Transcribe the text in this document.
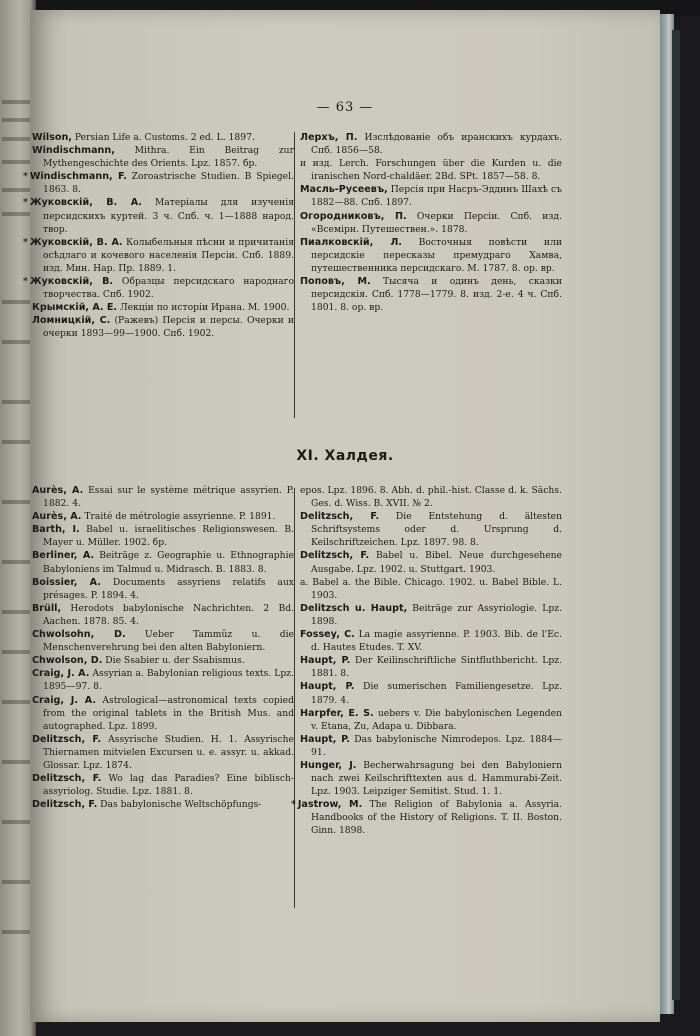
— 63 —
Wilson, Persian Life a. Customs. 2 ed. L. 1897.
Windischmann, Mithra. Ein Beitrag zur Mythengeschichte des Orients. Lpz. 1857. бр.
* Windischmann, F. Zoroastrische Studien. B Spiegel. 1863. 8.
* Жуковскій, В. А. Матеріалы для изученія персидскихъ куртей. 3 ч. Спб. ч. 1—1888 народ. твор.
* Жуковскій, В. А. Колыбельныя пѣсни и причитанія осѣдлаго и кочевого населенія Персіи. Спб. 1889. изд. Мин. Нар. Пр. 1889. 1.
* Жуковскій, В. Образцы персидскаго народнаго творчества. Спб. 1902.
Крымскій, А. Е. Лекціи по исторіи Ирана. М. 1900.
Ломницкій, С. (Ражевъ) Персія и персы. Очерки и очерки 1893—99—1900. Спб. 1902.
Лерхъ, П. Изслѣдованіе объ иранскихъ курдахъ. Спб. 1856—58.
и изд. Lerch. Forschungen über die Kurden u. die iranischen Nord-chaldäer. 2Bd. SPt. 1857—58. 8.
Масль-Русеевъ, Персія при Насръ-Эддинъ Шахѣ съ 1882—88. Спб. 1897.
Огородниковъ, П. Очерки Персіи. Спб. изд. «Всемірн. Путешествен.». 1878.
Пиалковскій, Л. Восточныя повѣсти или персидскіе пересказы премудраго Хамва, путешественника персидскаго. М. 1787. 8. ор. вр.
Поповъ, М. Тысяча и одинъ день, сказки персидскія. Спб. 1778—1779. 8. изд. 2-е. 4 ч. Спб. 1801. 8. ор. вр.
XI. Халдея.
Aurès, A. Essai sur le système métrique assyrien. P. 1882. 4.
Aurès, A. Traité de métrologie assyrienne. P. 1891.
Barth, I. Babel u. israelitisches Religionswesen. B. Mayer u. Müller. 1902. бр.
Berliner, A. Beiträge z. Geographie u. Ethnographie Babyloniens im Talmud u. Midrasch. B. 1883. 8.
Boissier, A. Documents assyriens relatifs aux présages. P. 1894. 4.
Brüll, Herodots babylonische Nachrichten. 2 Bd. Aachen. 1878. 85. 4.
Chwolsohn, D. Ueber Tammûz u. die Menschenverehrung bei den alten Babyloniern.
Chwolson, D. Die Ssabier u. der Ssabismus.
Craig, J. A. Assyrian a. Babylonian religious texts. Lpz. 1895—97. 8.
Craig, J. A. Astrological—astronomical texts copied from the original tablets in the British Mus. and autographed. Lpz. 1899.
Delitzsch, F. Assyrische Studien. H. 1. Assyrische Thiernamen mitvielen Excursen u. e. assyr. u. akkad. Glossar. Lpz. 1874.
Delitzsch, F. Wo lag das Paradies? Eine biblisch-assyriolog. Studie. Lpz. 1881. 8.
Delitzsch, F. Das babylonische Weltschöpfungs-
epos. Lpz. 1896. 8. Abh. d. phil.-hist. Classe d. k. Sächs. Ges. d. Wiss. B. XVII. № 2.
Delitzsch, F. Die Entstehung d. ältesten Schriftsystems oder d. Ursprung d. Keilschriftzeichen. Lpz. 1897. 98. 8.
Delitzsch, F. Babel u. Bibel. Neue durchgesehene Ausgabe. Lpz. 1902. u. Stuttgart. 1903.
a. Babel a. the Bible. Chicago. 1902. u. Babel Bible. L. 1903.
Delitzsch u. Haupt, Beiträge zur Assyriologie. Lpz. 1898.
Fossey, C. La magie assyrienne. P. 1903. Bib. de l'Ec. d. Hautes Etudes. T. XV.
Haupt, P. Der Keilinschriftliche Sintfluthbericht. Lpz. 1881. 8.
Haupt, P. Die sumerischen Familiengesetze. Lpz. 1879. 4.
Harpfer, E. S. uebers v. Die babylonischen Legenden v. Etana, Zu, Adapa u. Dibbara.
Haupt, P. Das babylonische Nimrodepos. Lpz. 1884—91.
Hunger, J. Becherwahrsagung bei den Babyloniern nach zwei Keilschrifttexten aus d. Hammurabi-Zeit. Lpz. 1903. Leipziger Semitist. Stud. 1. 1.
* Jastrow, M. The Religion of Babylonia a. Assyria. Handbooks of the History of Religions. T. II. Boston. Ginn. 1898.
